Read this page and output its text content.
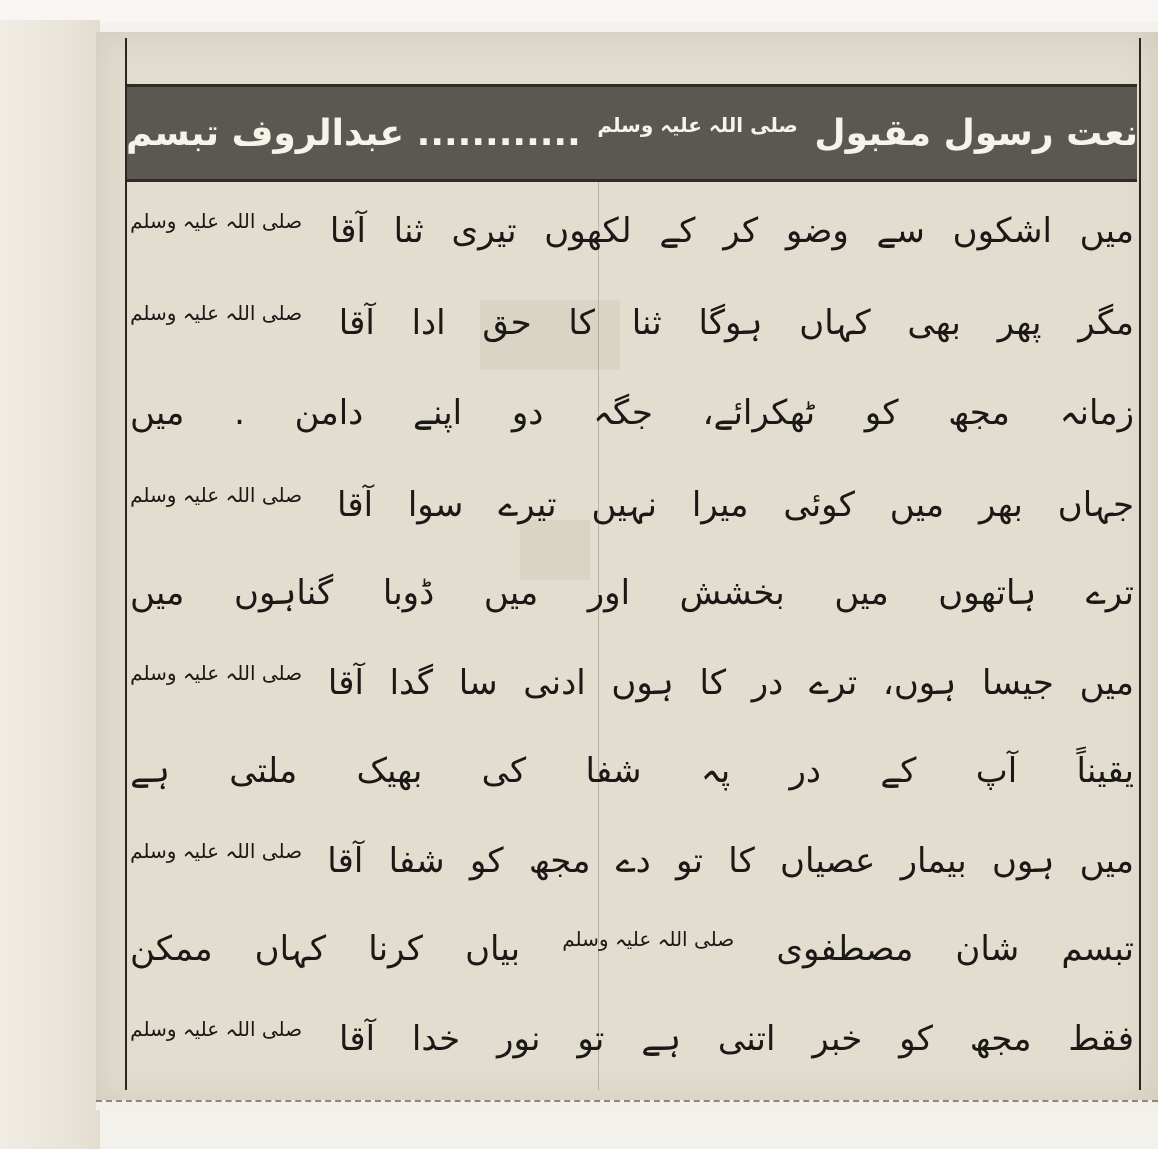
نعت رسول مقبول $^{صلی اللہ علیہ وسلم}$ ............ عبدالروف تبسم
میں
اشکوں
سے
وضو
کر
کے
لکھوں
تیری
ثنا
آقا
صلی اللہ علیہ وسلم
مگر
پھر
بھی
کہاں
ہوگا
ثنا
کا
حق
ادا
آقا
صلی اللہ علیہ وسلم
زمانہ
مجھ
کو
ٹھکرائے،
جگہ
دو
اپنے
دامن
.
میں
جہاں
بھر
میں
کوئی
میرا
نہیں
تیرے
سوا
آقا
صلی اللہ علیہ وسلم
ترے
ہاتھوں
میں
بخشش
اور
میں
ڈوبا
گناہوں
میں
میں
جیسا
ہوں،
ترے
در
کا
ہوں
ادنی
سا
گدا
آقا
صلی اللہ علیہ وسلم
یقیناً
آپ
کے
در
پہ
شفا
کی
بھیک
ملتی
ہے
میں
ہوں
بیمار
عصیاں
کا
تو
دے
مجھ
کو
شفا
آقا
صلی اللہ علیہ وسلم
تبسم
شان
مصطفوی
صلی اللہ علیہ وسلم
بیاں
کرنا
کہاں
ممکن
فقط
مجھ
کو
خبر
اتنی
ہے
تو
نور
خدا
آقا
صلی اللہ علیہ وسلم
